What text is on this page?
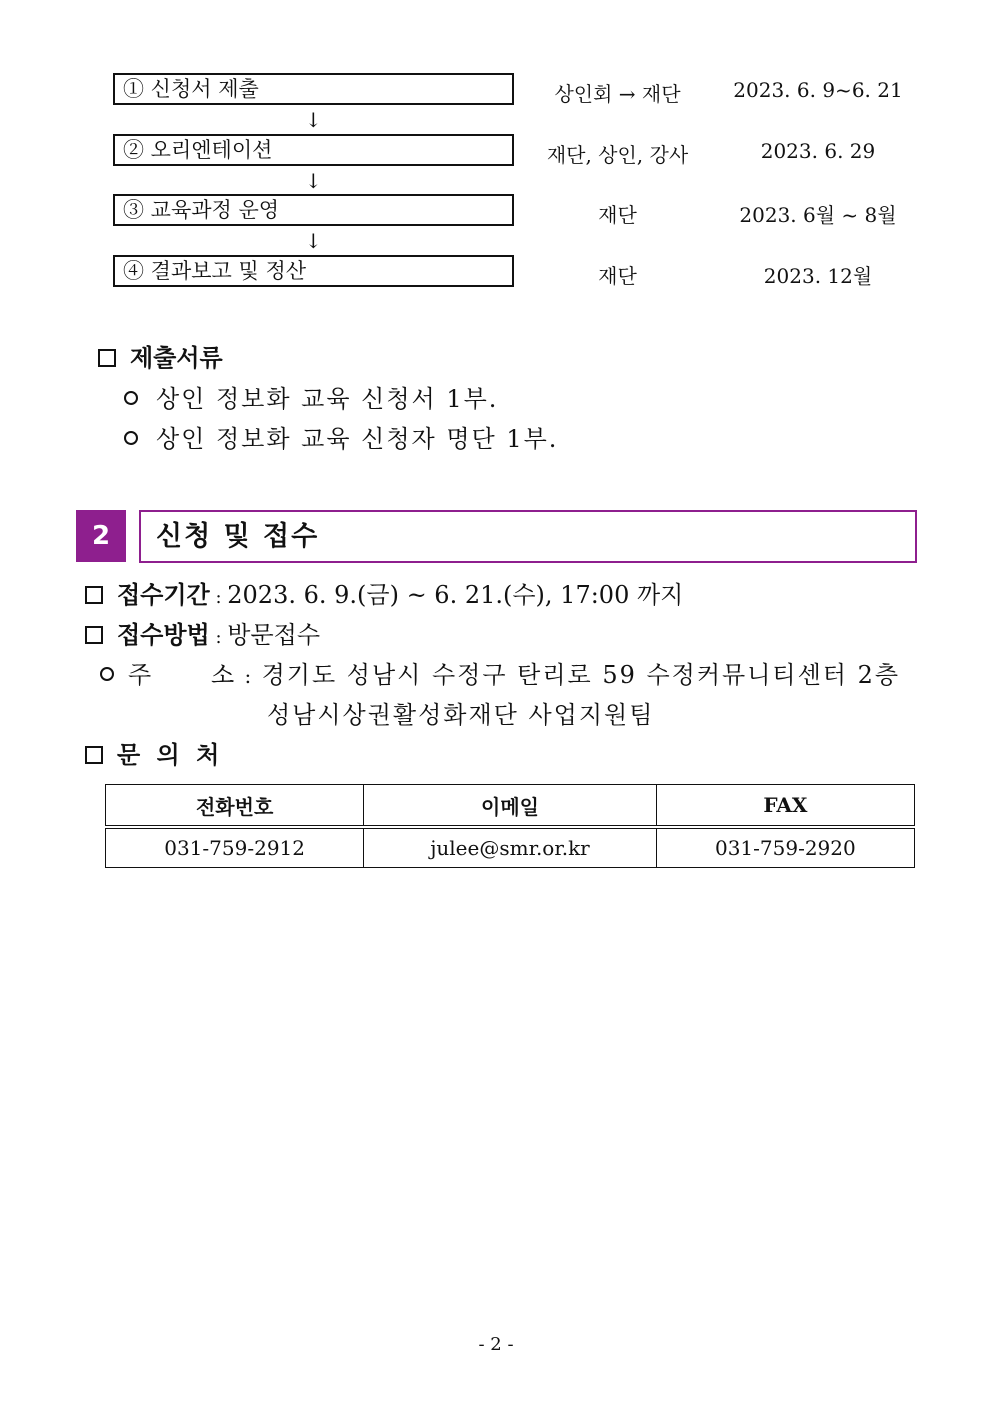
① 신청서 제출	상인회 → 재단	2023. 6. 9~6. 21
↓
② 오리엔테이션	재단, 상인, 강사	2023. 6. 29
↓
③ 교육과정 운영	재단	2023. 6월 ~ 8월
↓
④ 결과보고 및 정산	재단	2023. 12월
제출서류
상인 정보화 교육 신청서 1부.
상인 정보화 교육 신청자 명단 1부.
2	신청 및 접수
접수기간 : 2023. 6. 9.(금) ~ 6. 21.(수), 17:00 까지
접수방법 : 방문접수
주      소 : 경기도 성남시 수정구 탄리로 59 수정커뮤니티센터 2층
성남시상권활성화재단 사업지원팀
문 의 처
전화번호	이메일	FAX
031-759-2912	julee@smr.or.kr	031-759-2920
- 2 -
